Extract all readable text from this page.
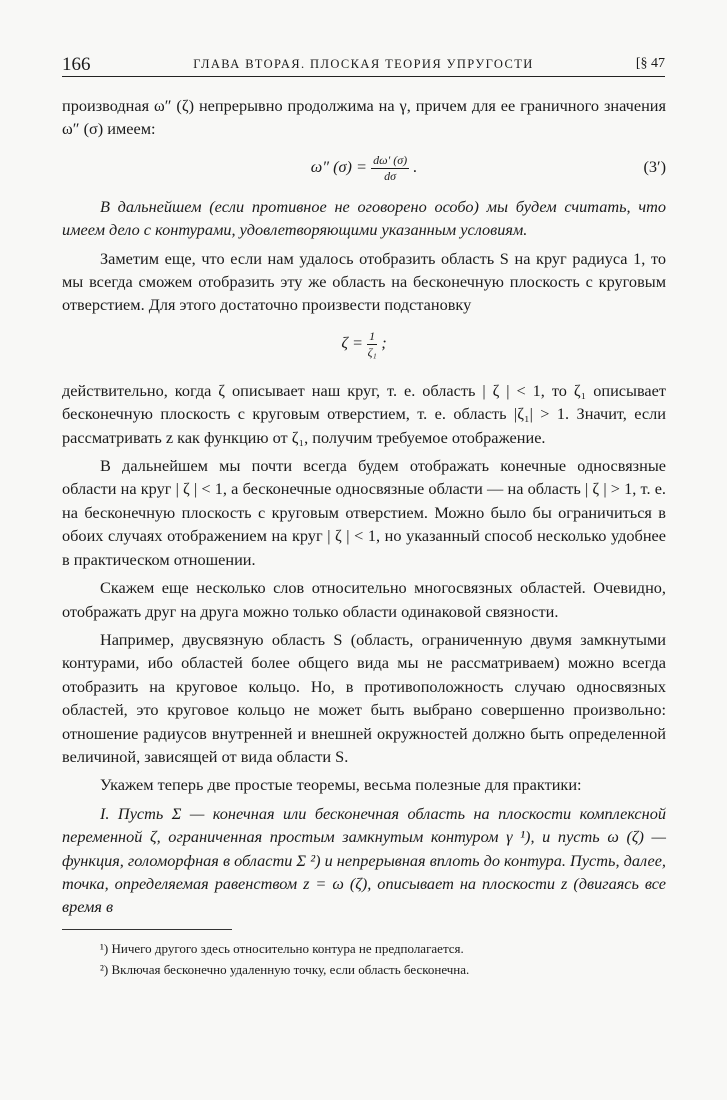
166	ГЛАВА ВТОРАЯ. ПЛОСКАЯ ТЕОРИЯ УПРУГОСТИ	[§ 47

производная ω″ (ζ) непрерывно продолжима на γ, причем для ее граничного значения ω″ (σ) имеем:

ω″ $(\sigma) = \frac{d\omega' (\sigma)}{d\sigma}$ .	(3′)

В дальнейшем (если противное не оговорено особо) мы будем считать, что имеем дело с контурами, удовлетворяющими указанным условиям.

Заметим еще, что если нам удалось отобразить область S на круг радиуса 1, то мы всегда сможем отобразить эту же область на бесконечную плоскость с круговым отверстием. Для этого достаточно произвести подстановку

$\zeta = \frac{1}{\text{ζ₁}}$ ;

действительно, когда ζ описывает наш круг, т. е. область | ζ | < 1, то ζ₁ описывает бесконечную плоскость с круговым отверстием, т. е. область |ζ₁| > 1. Значит, если рассматривать z как функцию от ζ₁, получим требуемое отображение.

В дальнейшем мы почти всегда будем отображать конечные односвязные области на круг | ζ | < 1, а бесконечные односвязные области — на область | ζ | > 1, т. е. на бесконечную плоскость с круговым отверстием. Можно было бы ограничиться в обоих случаях отображением на круг | ζ | < 1, но указанный способ несколько удобнее в практическом отношении.

Скажем еще несколько слов относительно многосвязных областей. Очевидно, отображать друг на друга можно только области одинаковой связности.

Например, двусвязную область S (область, ограниченную двумя замкнутыми контурами, ибо областей более общего вида мы не рассматриваем) можно всегда отобразить на круговое кольцо. Но, в противоположность случаю односвязных областей, это круговое кольцо не может быть выбрано совершенно произвольно: отношение радиусов внутренней и внешней окружностей должно быть определенной величиной, зависящей от вида области S.

Укажем теперь две простые теоремы, весьма полезные для практики:

I. Пусть Σ — конечная или бесконечная область на плоскости комплексной переменной ζ, ограниченная простым замкнутым контуром γ ¹), и пусть ω (ζ) — функция, голоморфная в области Σ ²) и непрерывная вплоть до контура. Пусть, далее, точка, определяемая равенством z = ω (ζ), описывает на плоскости z (двигаясь все время в

¹) Ничего другого здесь относительно контура не предполагается.

²) Включая бесконечно удаленную точку, если область бесконечна.
